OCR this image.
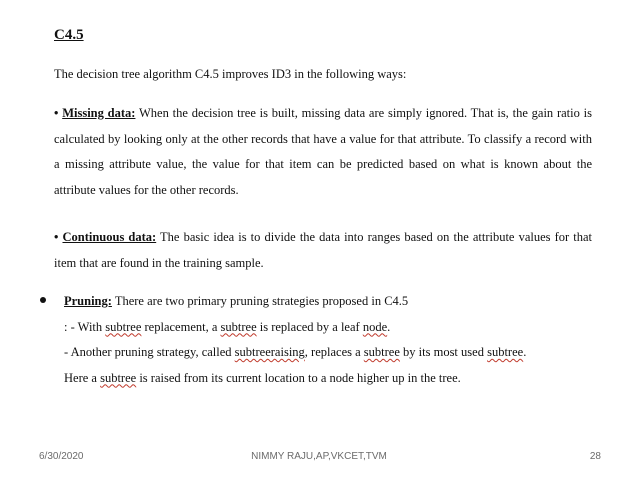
C4.5

The decision tree algorithm C4.5 improves ID3 in the following ways:

• Missing data: When the decision tree is built, missing data are simply ignored. That is, the gain ratio is calculated by looking only at the other records that have a value for that attribute. To classify a record with a missing attribute value, the value for that item can be predicted based on what is known about the attribute values for the other records.

• Continuous data: The basic idea is to divide the data into ranges based on the attribute values for that item that are found in the training sample.

Pruning: There are two primary pruning strategies proposed in C4.5
: - With subtree replacement, a subtree is replaced by a leaf node.
- Another pruning strategy, called subtreeraising, replaces a subtree by its most used subtree.
Here a subtree is raised from its current location to a node higher up in the tree.
6/30/2020	NIMMY RAJU,AP,VKCET,TVM	28
